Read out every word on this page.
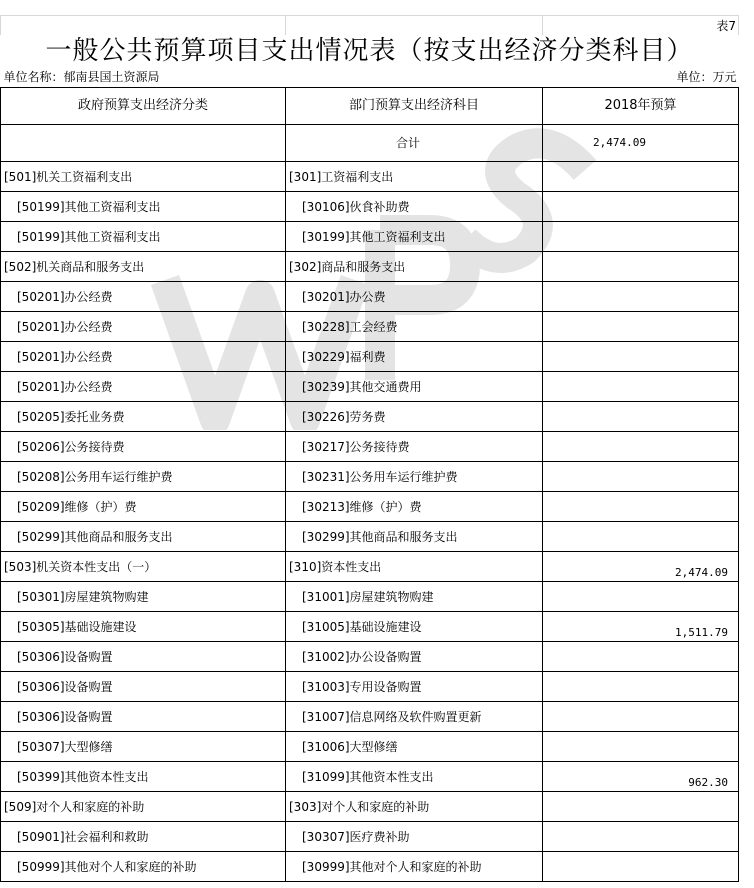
		表7
一般公共预算项目支出情况表（按支出经济分类科目）		
单位名称：郁南县国土资源局		单位：万元
政府预算支出经济分类	部门预算支出经济科目	2018年预算
	合计	2,474.09
[501]机关工资福利支出	[301]工资福利支出	
[50199]其他工资福利支出	[30106]伙食补助费	
[50199]其他工资福利支出	[30199]其他工资福利支出	
[502]机关商品和服务支出	[302]商品和服务支出	
[50201]办公经费	[30201]办公费	
[50201]办公经费	[30228]工会经费	
[50201]办公经费	[30229]福利费	
[50201]办公经费	[30239]其他交通费用	
[50205]委托业务费	[30226]劳务费	
[50206]公务接待费	[30217]公务接待费	
[50208]公务用车运行维护费	[30231]公务用车运行维护费	
[50209]维修（护）费	[30213]维修（护）费	
[50299]其他商品和服务支出	[30299]其他商品和服务支出	
[503]机关资本性支出（一）	[310]资本性支出	2,474.09
[50301]房屋建筑物购建	[31001]房屋建筑物购建	
[50305]基础设施建设	[31005]基础设施建设	1,511.79
[50306]设备购置	[31002]办公设备购置	
[50306]设备购置	[31003]专用设备购置	
[50306]设备购置	[31007]信息网络及软件购置更新	
[50307]大型修缮	[31006]大型修缮	
[50399]其他资本性支出	[31099]其他资本性支出	962.30
[509]对个人和家庭的补助	[303]对个人和家庭的补助	
[50901]社会福利和救助	[30307]医疗费补助	
[50999]其他对个人和家庭的补助	[30999]其他对个人和家庭的补助	
